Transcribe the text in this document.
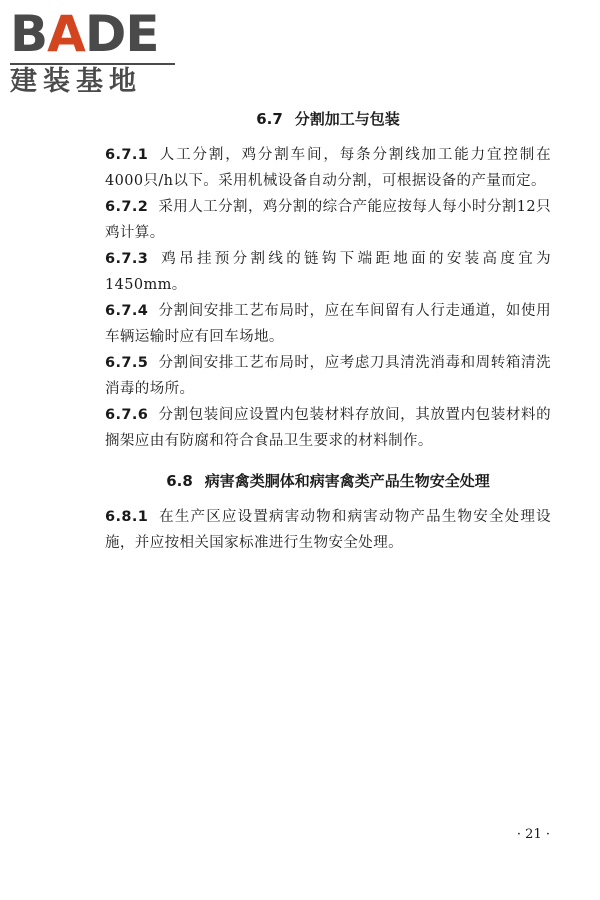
BADE
建装基地
6.7 分割加工与包装

6.7.1 人工分割，鸡分割车间，每条分割线加工能力宜控制在4000只/h以下。采用机械设备自动分割，可根据设备的产量而定。

6.7.2 采用人工分割，鸡分割的综合产能应按每人每小时分割12只鸡计算。

6.7.3 鸡吊挂预分割线的链钩下端距地面的安装高度宜为1450mm。

6.7.4 分割间安排工艺布局时，应在车间留有人行走通道，如使用车辆运输时应有回车场地。

6.7.5 分割间安排工艺布局时，应考虑刀具清洗消毒和周转箱清洗消毒的场所。

6.7.6 分割包装间应设置内包装材料存放间，其放置内包装材料的搁架应由有防腐和符合食品卫生要求的材料制作。

6.8 病害禽类胴体和病害禽类产品生物安全处理

6.8.1 在生产区应设置病害动物和病害动物产品生物安全处理设施，并应按相关国家标准进行生物安全处理。

· 21 ·
